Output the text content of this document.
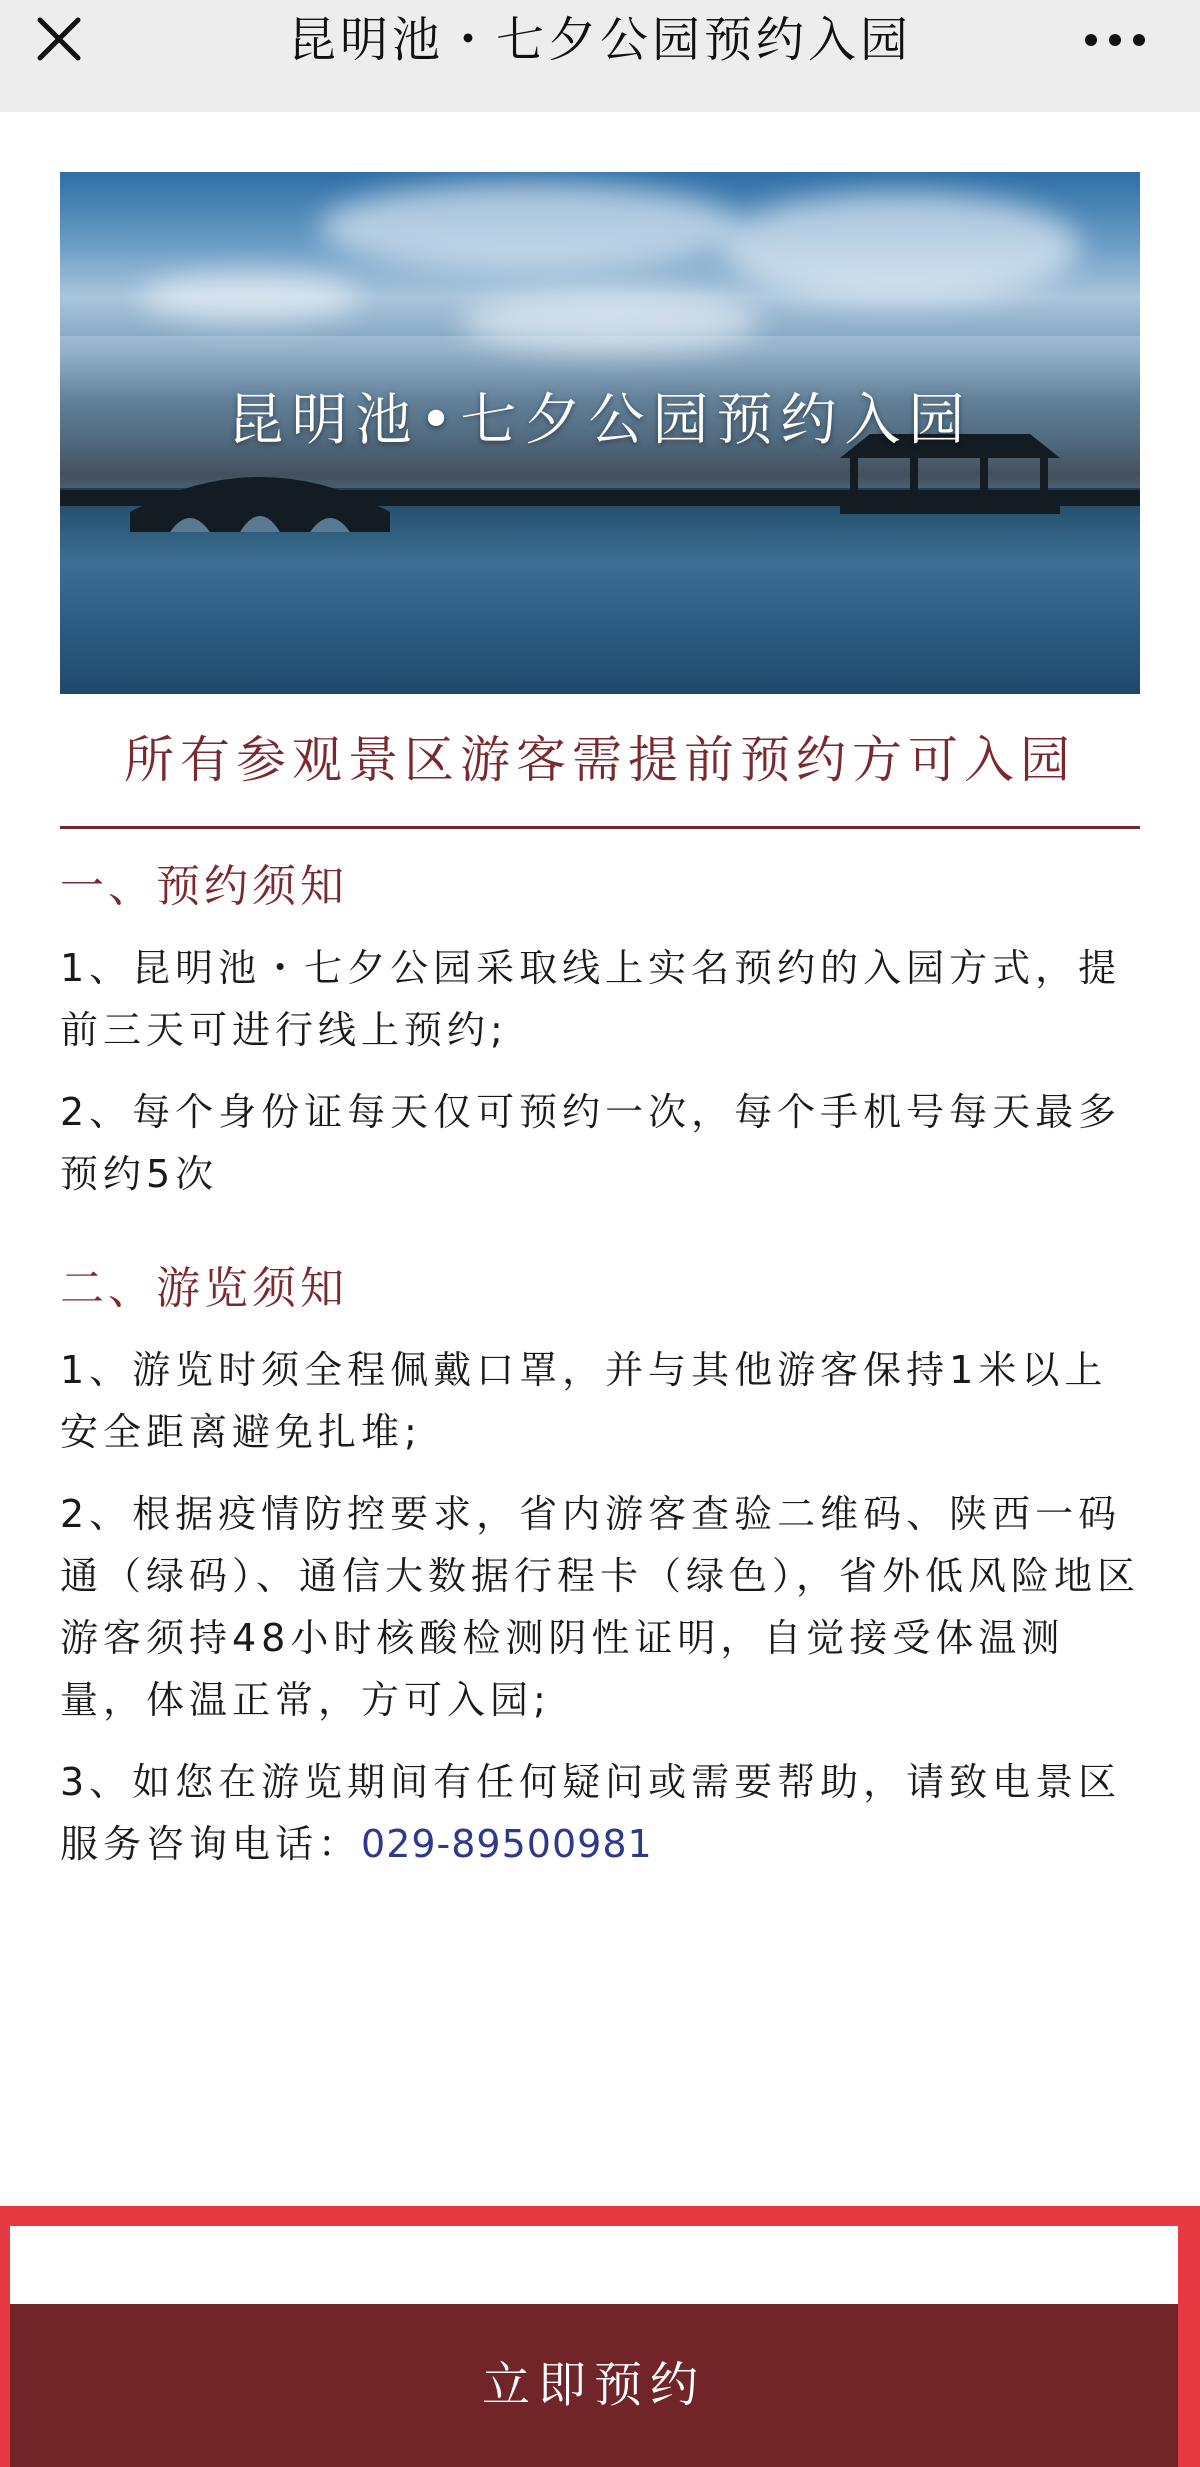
昆明池・七夕公园预约入园
昆明池•七夕公园预约入园
所有参观景区游客需提前预约方可入园
一、预约须知

1、昆明池・七夕公园采取线上实名预约的入园方式，提前三天可进行线上预约;

2、每个身份证每天仅可预约一次，每个手机号每天最多预约5次

二、游览须知

1、游览时须全程佩戴口罩，并与其他游客保持1米以上安全距离避免扎堆;

2、根据疫情防控要求，省内游客查验二维码、陕西一码通（绿码）、通信大数据行程卡（绿色），省外低风险地区游客须持48小时核酸检测阴性证明，自觉接受体温测量，体温正常，方可入园;

3、如您在游览期间有任何疑问或需要帮助，请致电景区服务咨询电话：029-89500981

立即预约
